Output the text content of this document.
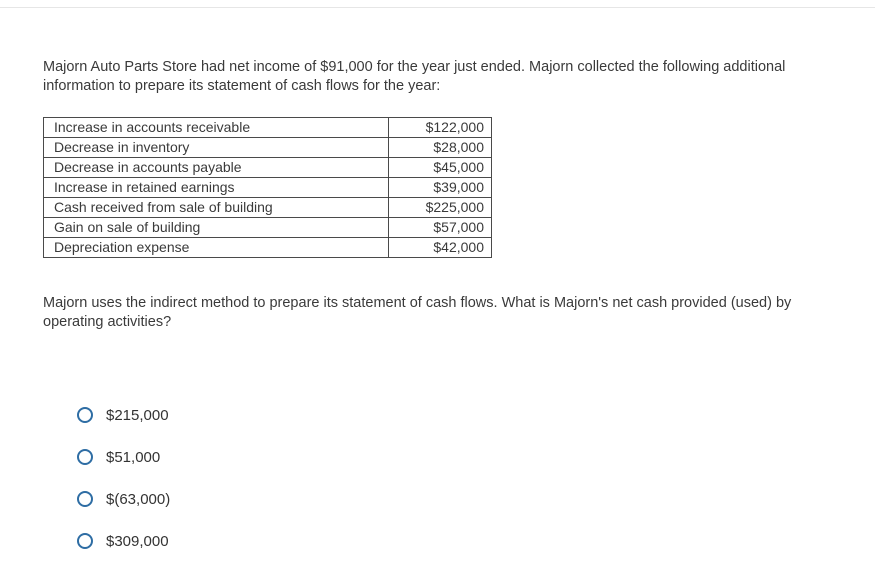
Majorn Auto Parts Store had net income of $91,000 for the year just ended. Majorn collected the following additional information to prepare its statement of cash flows for the year:
Increase in accounts receivable	$122,000
Decrease in inventory	$28,000
Decrease in accounts payable	$45,000
Increase in retained earnings	$39,000
Cash received from sale of building	$225,000
Gain on sale of building	$57,000
Depreciation expense	$42,000
Majorn uses the indirect method to prepare its statement of cash flows. What is Majorn's net cash provided (used) by operating activities?
$215,000
$51,000
$(63,000)
$309,000
